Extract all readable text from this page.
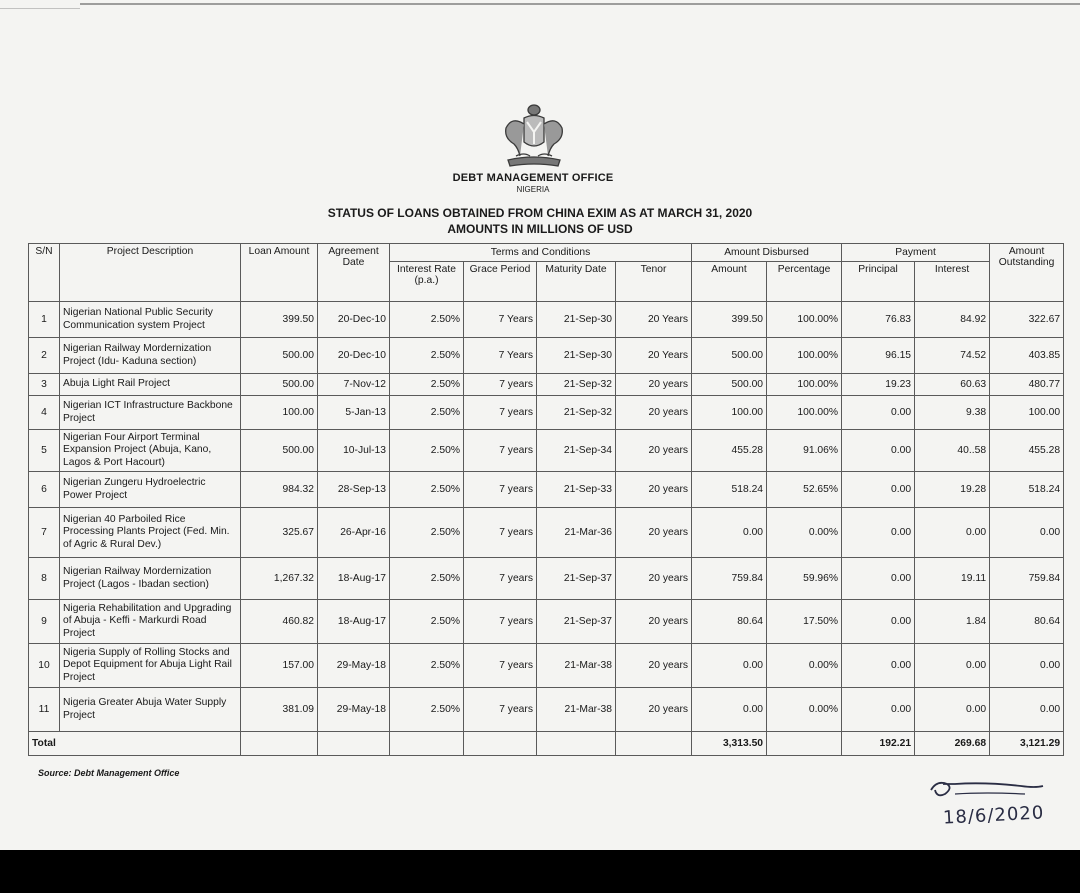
DEBT MANAGEMENT OFFICE
NIGERIA
STATUS OF LOANS OBTAINED FROM CHINA EXIM AS AT MARCH 31, 2020
AMOUNTS IN MILLIONS OF USD
S/N	Project Description	Loan Amount	Agreement Date	Terms and Conditions				Amount Disbursed		Payment		Amount Outstanding
				Interest Rate (p.a.)	Grace Period	Maturity Date	Tenor	Amount	Percentage	Principal	Interest	
1	Nigerian National Public Security Communication system Project	399.50	20-Dec-10	2.50%	7 Years	21-Sep-30	20 Years	399.50	100.00%	76.83	84.92	322.67
2	Nigerian Railway Mordernization Project (Idu- Kaduna section)	500.00	20-Dec-10	2.50%	7 Years	21-Sep-30	20 Years	500.00	100.00%	96.15	74.52	403.85
3	Abuja Light Rail Project	500.00	7-Nov-12	2.50%	7 years	21-Sep-32	20 years	500.00	100.00%	19.23	60.63	480.77
4	Nigerian ICT Infrastructure Backbone Project	100.00	5-Jan-13	2.50%	7 years	21-Sep-32	20 years	100.00	100.00%	0.00	9.38	100.00
5	Nigerian Four Airport Terminal Expansion Project (Abuja, Kano, Lagos & Port Hacourt)	500.00	10-Jul-13	2.50%	7 years	21-Sep-34	20 years	455.28	91.06%	0.00	40..58	455.28
6	Nigerian Zungeru Hydroelectric Power Project	984.32	28-Sep-13	2.50%	7 years	21-Sep-33	20 years	518.24	52.65%	0.00	19.28	518.24
7	Nigerian 40 Parboiled Rice Processing Plants Project (Fed. Min. of Agric & Rural Dev.)	325.67	26-Apr-16	2.50%	7 years	21-Mar-36	20 years	0.00	0.00%	0.00	0.00	0.00
8	Nigerian Railway Mordernization Project (Lagos - Ibadan section)	1,267.32	18-Aug-17	2.50%	7 years	21-Sep-37	20 years	759.84	59.96%	0.00	19.11	759.84
9	Nigeria Rehabilitation and Upgrading of Abuja - Keffi - Markurdi Road Project	460.82	18-Aug-17	2.50%	7 years	21-Sep-37	20 years	80.64	17.50%	0.00	1.84	80.64
10	Nigeria Supply of Rolling Stocks and Depot Equipment for Abuja Light Rail Project	157.00	29-May-18	2.50%	7 years	21-Mar-38	20 years	0.00	0.00%	0.00	0.00	0.00
11	Nigeria Greater Abuja Water Supply Project	381.09	29-May-18	2.50%	7 years	21-Mar-38	20 years	0.00	0.00%	0.00	0.00	0.00
Total								3,313.50		192.21	269.68	3,121.29
Source: Debt Management Office
18/6/2020
